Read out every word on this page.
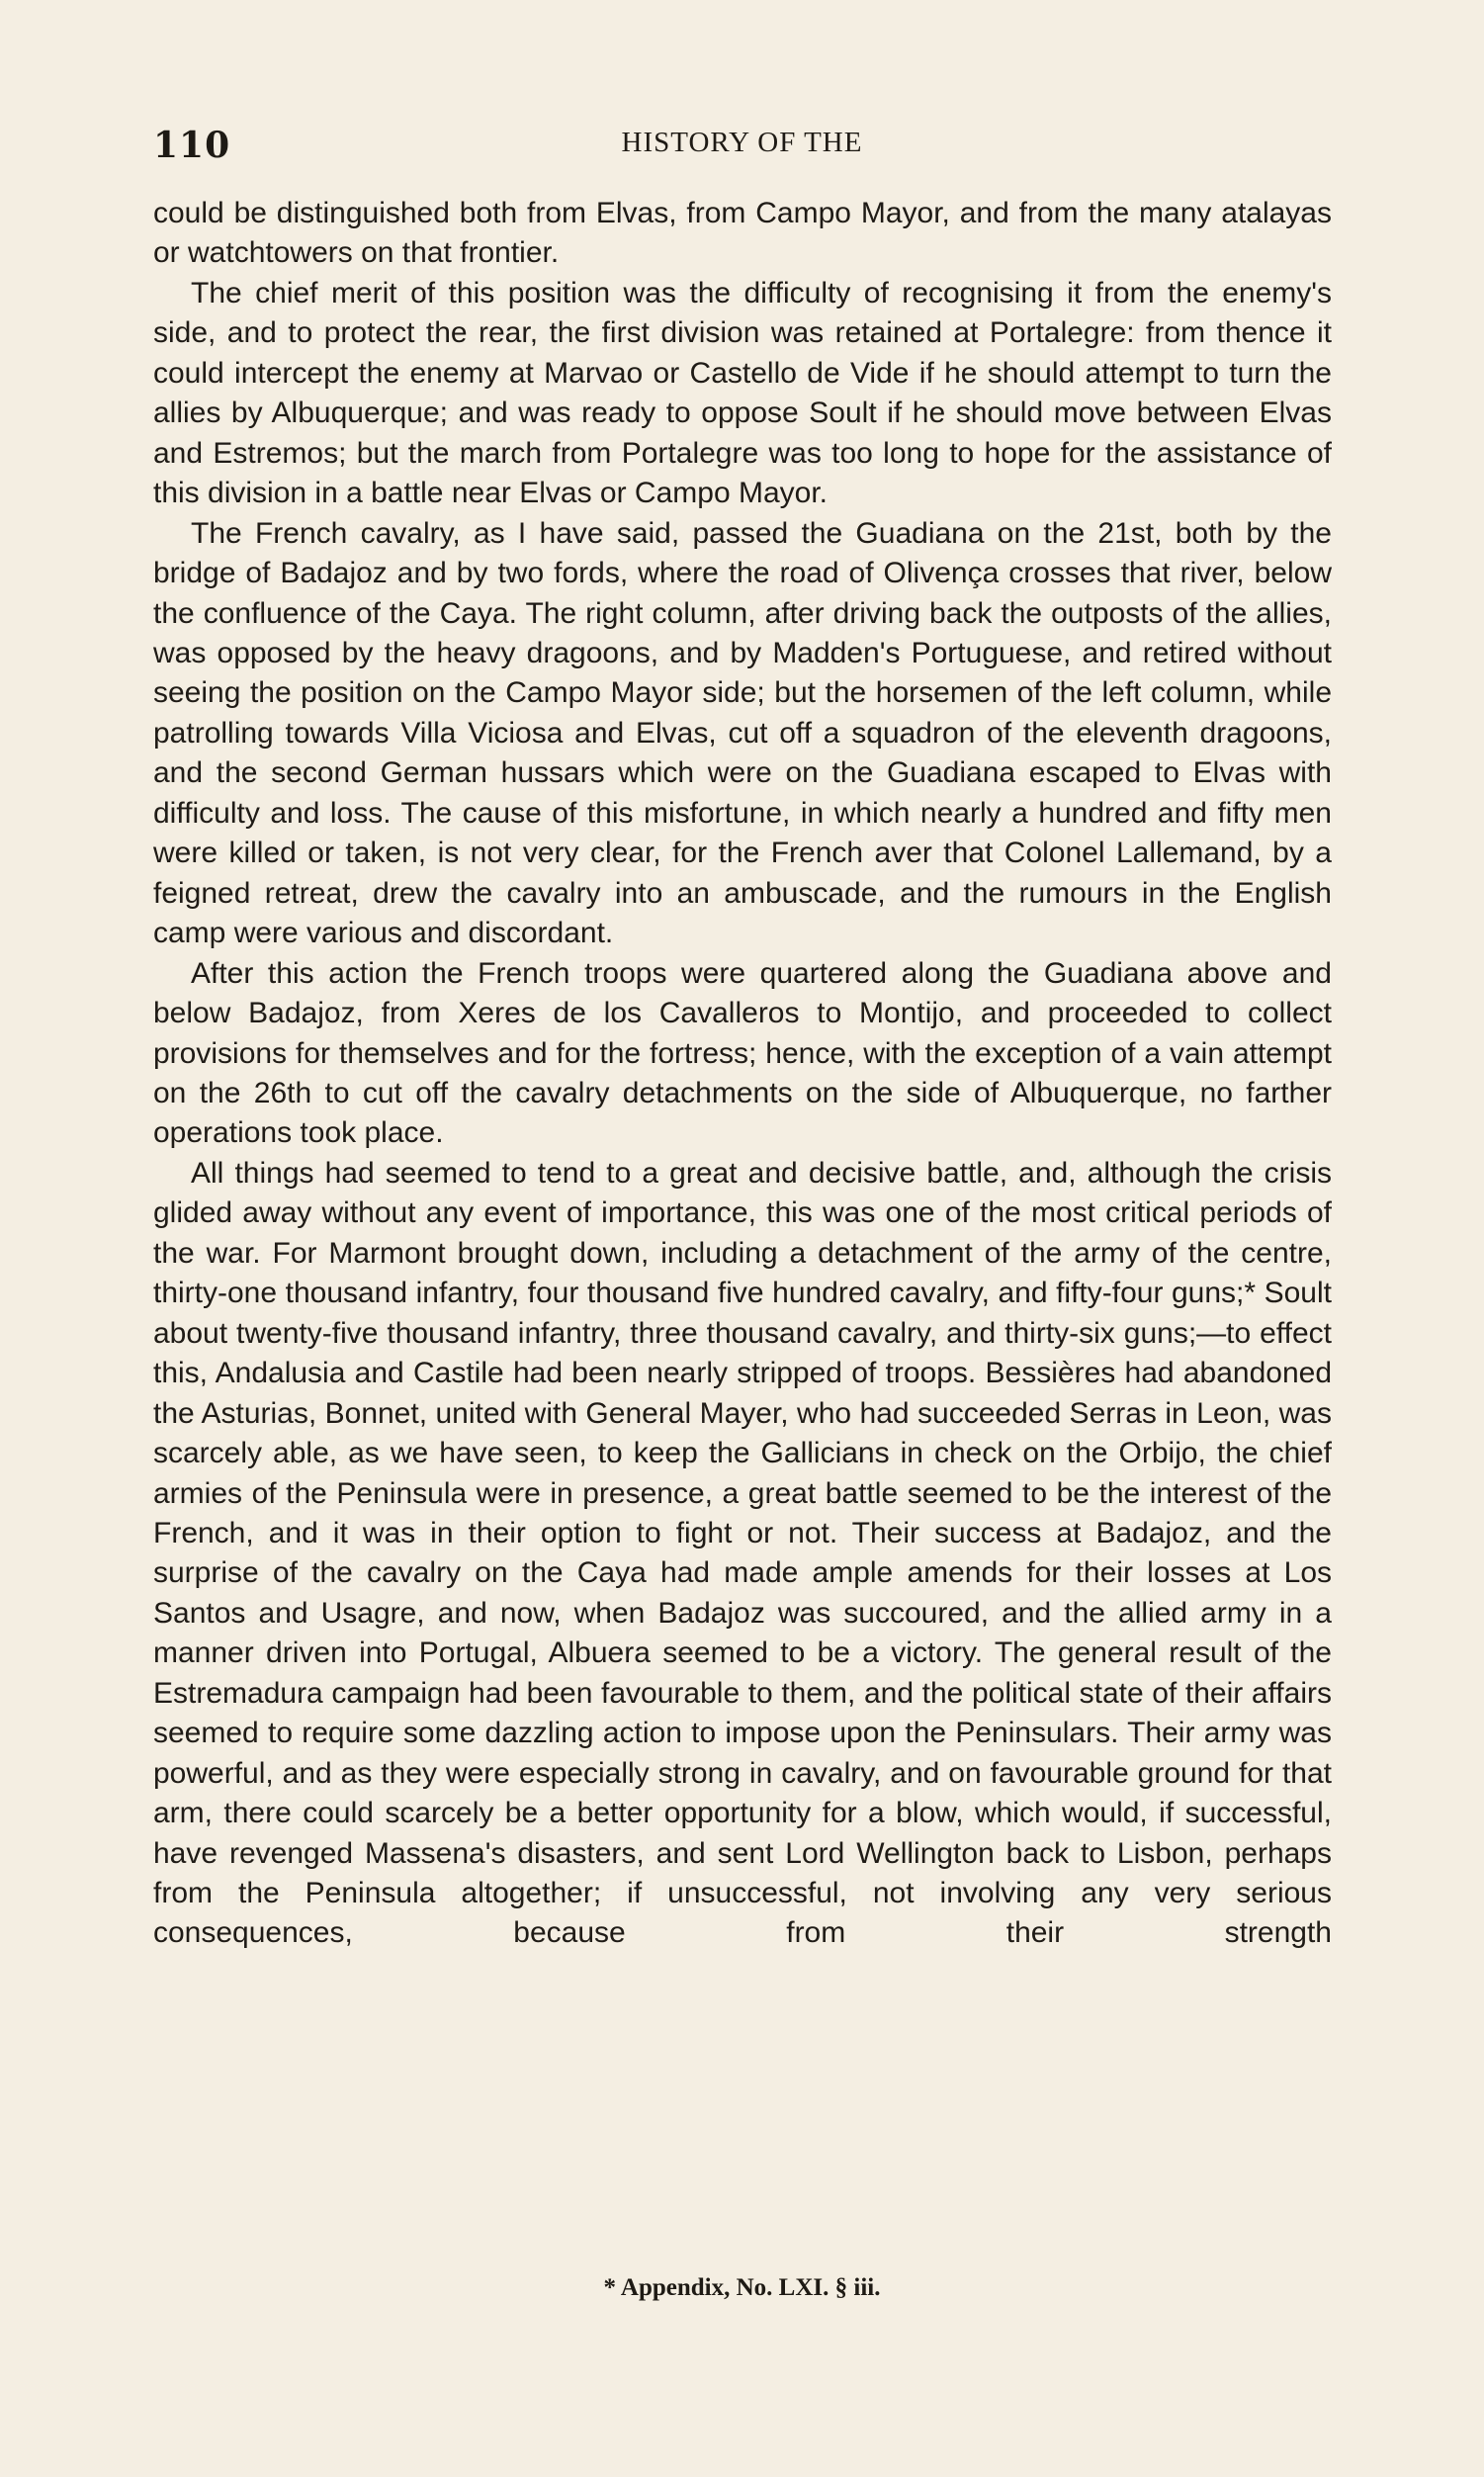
110	HISTORY OF THE

could be distinguished both from Elvas, from Campo Mayor, and from the many atalayas or watchtowers on that frontier.

The chief merit of this position was the difficulty of recognising it from the enemy's side, and to protect the rear, the first division was retained at Portalegre: from thence it could intercept the enemy at Marvao or Castello de Vide if he should attempt to turn the allies by Albuquerque; and was ready to oppose Soult if he should move between Elvas and Estremos; but the march from Portalegre was too long to hope for the assistance of this division in a battle near Elvas or Campo Mayor.

The French cavalry, as I have said, passed the Guadiana on the 21st, both by the bridge of Badajoz and by two fords, where the road of Olivença crosses that river, below the confluence of the Caya. The right column, after driving back the outposts of the allies, was opposed by the heavy dragoons, and by Madden's Portuguese, and retired without seeing the position on the Campo Mayor side; but the horsemen of the left column, while patrolling towards Villa Viciosa and Elvas, cut off a squadron of the eleventh dragoons, and the second German hussars which were on the Guadiana escaped to Elvas with difficulty and loss. The cause of this misfortune, in which nearly a hundred and fifty men were killed or taken, is not very clear, for the French aver that Colonel Lallemand, by a feigned retreat, drew the cavalry into an ambuscade, and the rumours in the English camp were various and discordant.

After this action the French troops were quartered along the Guadiana above and below Badajoz, from Xeres de los Cavalleros to Montijo, and proceeded to collect provisions for themselves and for the fortress; hence, with the exception of a vain attempt on the 26th to cut off the cavalry detachments on the side of Albuquerque, no farther operations took place.

All things had seemed to tend to a great and decisive battle, and, although the crisis glided away without any event of importance, this was one of the most critical periods of the war. For Marmont brought down, including a detachment of the army of the centre, thirty-one thousand infantry, four thousand five hundred cavalry, and fifty-four guns;* Soult about twenty-five thousand infantry, three thousand cavalry, and thirty-six guns;—to effect this, Andalusia and Castile had been nearly stripped of troops. Bessières had abandoned the Asturias, Bonnet, united with General Mayer, who had succeeded Serras in Leon, was scarcely able, as we have seen, to keep the Gallicians in check on the Orbijo, the chief armies of the Peninsula were in presence, a great battle seemed to be the interest of the French, and it was in their option to fight or not. Their success at Badajoz, and the surprise of the cavalry on the Caya had made ample amends for their losses at Los Santos and Usagre, and now, when Badajoz was succoured, and the allied army in a manner driven into Portugal, Albuera seemed to be a victory. The general result of the Estremadura campaign had been favourable to them, and the political state of their affairs seemed to require some dazzling action to impose upon the Peninsulars. Their army was powerful, and as they were especially strong in cavalry, and on favourable ground for that arm, there could scarcely be a better opportunity for a blow, which would, if successful, have revenged Massena's disasters, and sent Lord Wellington back to Lisbon, perhaps from the Peninsula altogether; if unsuccessful, not involving any very serious consequences, because from their strength

* Appendix, No. LXI. § iii.
